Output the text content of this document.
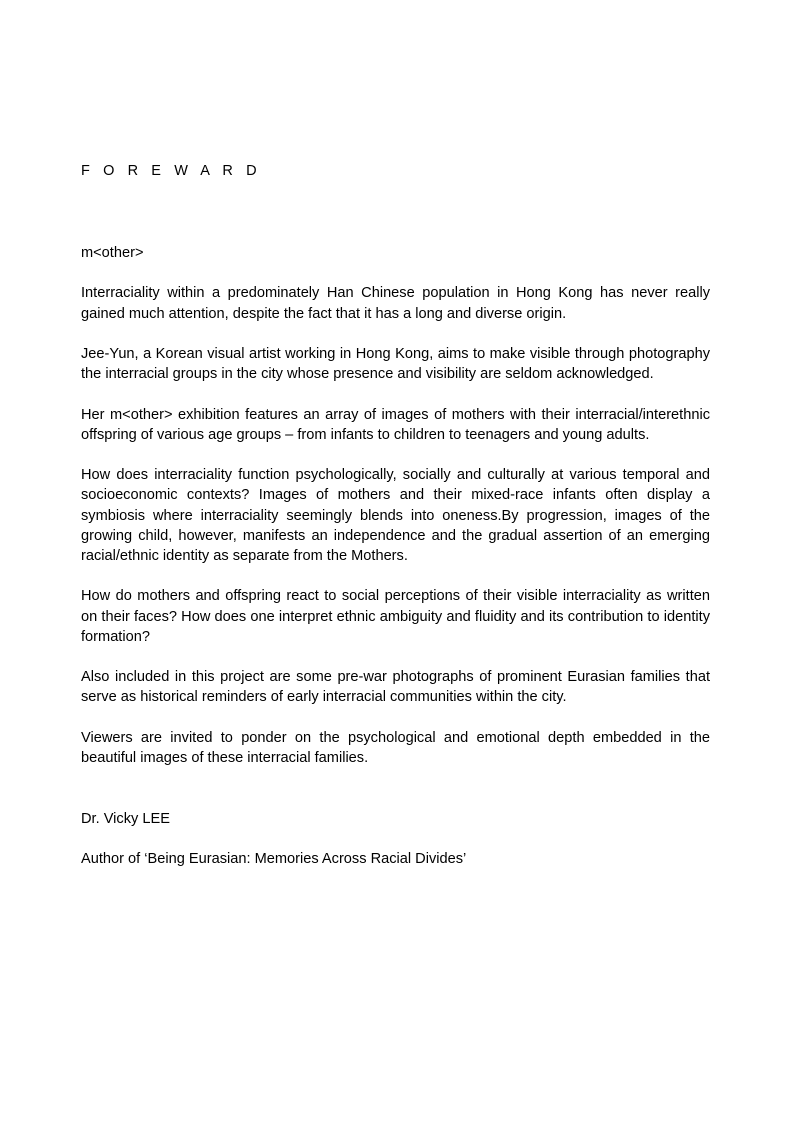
F O R E W A R D

m<other>

Interraciality within a predominately Han Chinese population in Hong Kong has never really gained much attention, despite the fact that it has a long and diverse origin.

Jee-Yun, a Korean visual artist working in Hong Kong, aims to make visible through photography the interracial groups in the city whose presence and visibility are seldom acknowledged.

Her m<other> exhibition features an array of images of mothers with their interracial/interethnic offspring of various age groups – from infants to children to teenagers and young adults.

How does interraciality function psychologically, socially and culturally at various temporal and socioeconomic contexts? Images of mothers and their mixed-race infants often display a symbiosis where interraciality seemingly blends into oneness.By progression, images of the growing child, however, manifests an independence and the gradual assertion of an emerging racial/ethnic identity as separate from the Mothers.

How do mothers and offspring react to social perceptions of their visible interraciality as written on their faces? How does one interpret ethnic ambiguity and fluidity and its contribution to identity formation?

Also included in this project are some pre-war photographs of prominent Eurasian families that serve as historical reminders of early interracial communities within the city.

Viewers are invited to ponder on the psychological and emotional depth embedded in the beautiful images of these interracial families.

Dr. Vicky LEE

Author of ‘Being Eurasian: Memories Across Racial Divides’
